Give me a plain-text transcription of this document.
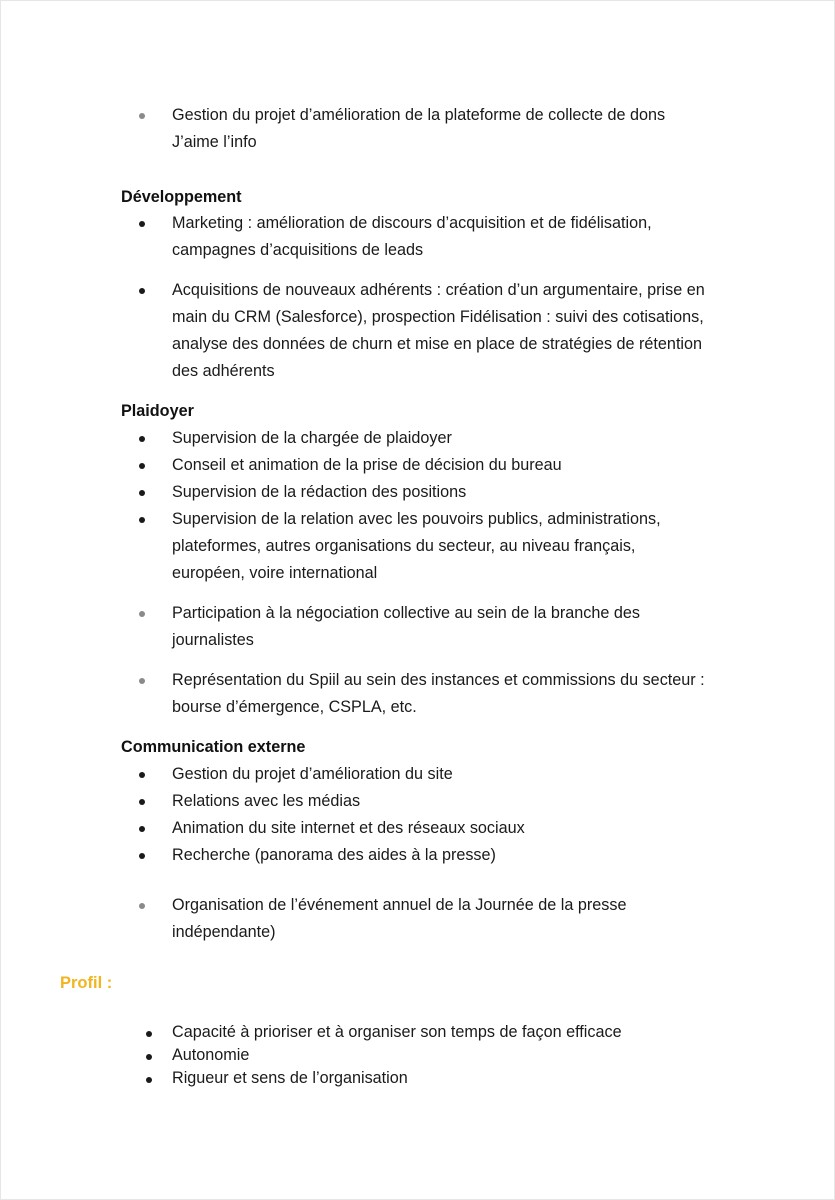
Gestion du projet d’amélioration de la plateforme de collecte de dons
J’aime l’info
Développement
Marketing : amélioration de discours d’acquisition et de fidélisation,
campagnes d’acquisitions de leads
Acquisitions de nouveaux adhérents : création d’un argumentaire, prise en
main du CRM (Salesforce), prospection Fidélisation : suivi des cotisations,
analyse des données de churn et mise en place de stratégies de rétention
des adhérents
Plaidoyer
Supervision de la chargée de plaidoyer
Conseil et animation de la prise de décision du bureau
Supervision de la rédaction des positions
Supervision de la relation avec les pouvoirs publics, administrations,
plateformes, autres organisations du secteur, au niveau français,
européen, voire international
Participation à la négociation collective au sein de la branche des
journalistes
Représentation du Spiil au sein des instances et commissions du secteur :
bourse d’émergence, CSPLA, etc.
Communication externe
Gestion du projet d’amélioration du site
Relations avec les médias
Animation du site internet et des réseaux sociaux
Recherche (panorama des aides à la presse)
Organisation de l’événement annuel de la Journée de la presse
indépendante)
Profil :
Capacité à prioriser et à organiser son temps de façon efficace
Autonomie
Rigueur et sens de l’organisation
